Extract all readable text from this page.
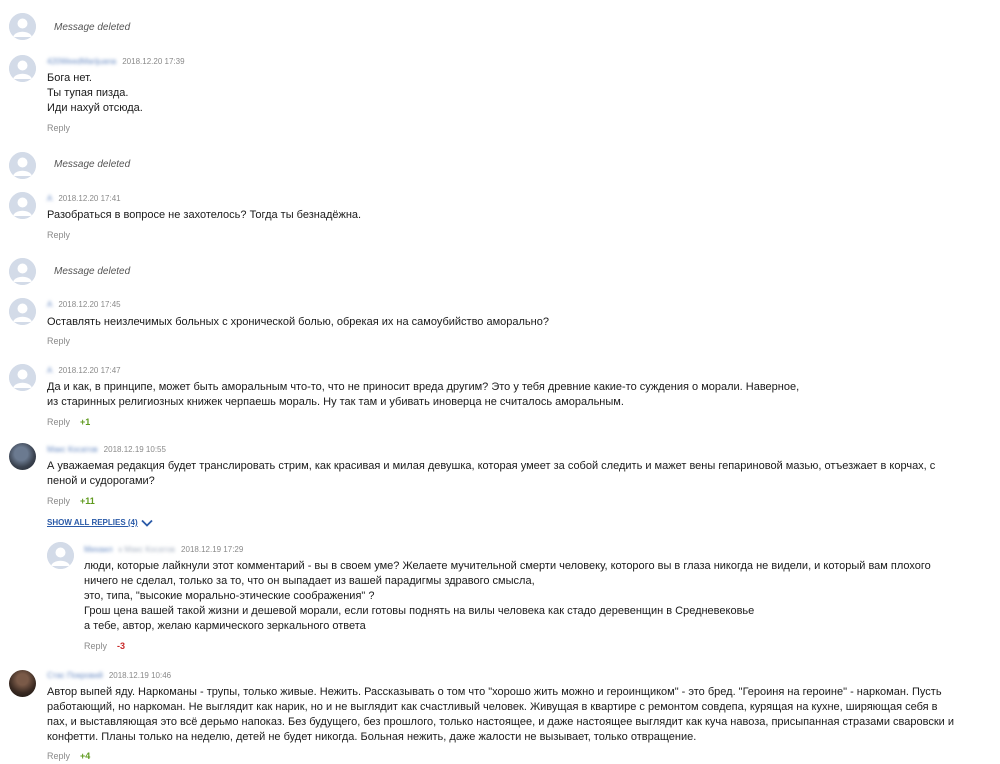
Message deleted
420WeedMarijuana 2018.12.20 17:39

Бога нет.

Ты тупая пизда.

Иди нахуй отсюда.

Reply
Message deleted
А 2018.12.20 17:41

Разобраться в вопросе не захотелось? Тогда ты безнадёжна.

Reply
Message deleted
А 2018.12.20 17:45

Оставлять неизлечимых больных с хронической болью, обрекая их на самоубийство аморально?

Reply
А 2018.12.20 17:47

Да и как, в принципе, может быть аморальным что-то, что не приносит вреда другим? Это у тебя древние какие-то суждения о морали. Наверное,

из старинных религиозных книжек черпаешь мораль. Ну так там и убивать иноверца не считалось аморальным.

Reply +1
Макс Косатов 2018.12.19 10:55

А уважаемая редакция будет транслировать стрим, как красивая и милая девушка, которая умеет за собой следить и мажет вены гепариновой мазью, отъезжает в корчах, с

пеной и судорогами?

Reply +11
SHOW ALL REPLIES (4)
Михаил к Макс Косатов 2018.12.19 17:29

люди, которые лайкнули этот комментарий - вы в своем уме? Желаете мучительной смерти человеку, которого вы в глаза никогда не видели, и который вам плохого

ничего не сделал, только за то, что он выпадает из вашей парадигмы здравого смысла,

это, типа, "высокие морально-этические соображения" ?

Грош цена вашей такой жизни и дешевой морали, если готовы поднять на вилы человека как стадо деревенщин в Средневековье

а тебе, автор, желаю кармического зеркального ответа

Reply -3
Стас Покровий 2018.12.19 10:46

Автор выпей яду. Наркоманы - трупы, только живые. Нежить. Рассказывать о том что "хорошо жить можно и героинщиком" - это бред. "Героиня на героине" - наркоман. Пусть

работающий, но наркоман. Не выглядит как нарик, но и не выглядит как счастливый человек. Живущая в квартире с ремонтом совдепа, курящая на кухне, ширяющая себя в

пах, и выставляющая это всё дерьмо напоказ. Без будущего, без прошлого, только настоящее, и даже настоящее выглядит как куча навоза, присыпанная стразами сваровски и

конфетти. Планы только на неделю, детей не будет никогда. Больная нежить, даже жалости не вызывает, только отвращение.

Reply +4
